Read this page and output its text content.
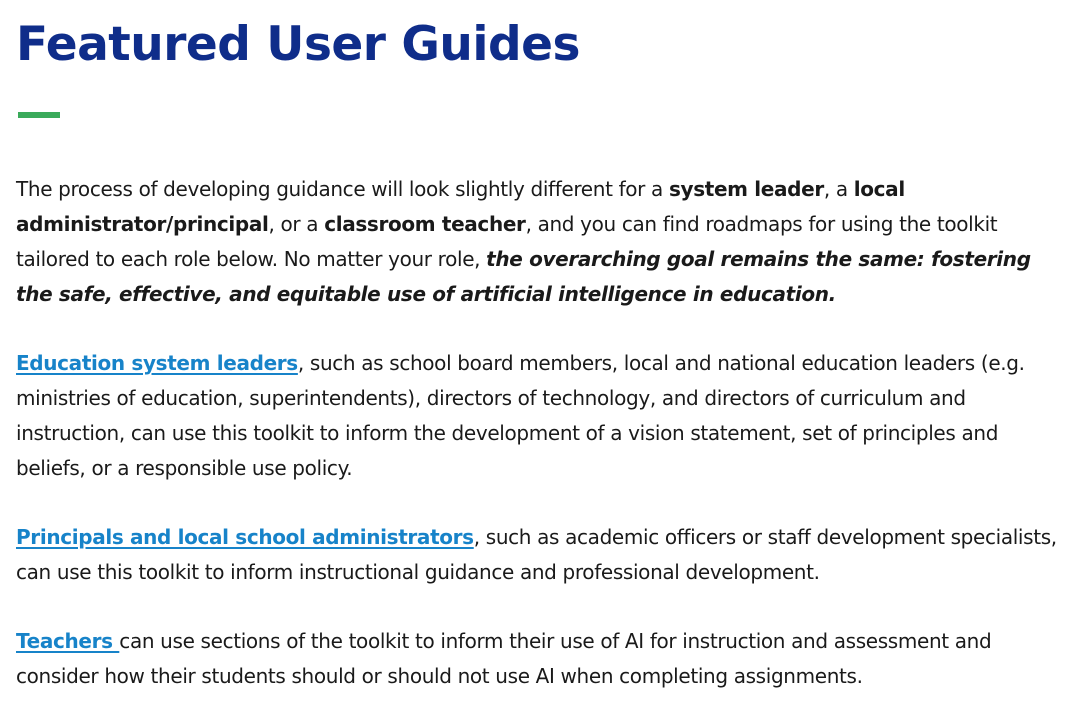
Featured User Guides

The process of developing guidance will look slightly different for a system leader, a local administrator/principal, or a classroom teacher, and you can find roadmaps for using the toolkit tailored to each role below. No matter your role, the overarching goal remains the same: fostering the safe, effective, and equitable use of artificial intelligence in education.

Education system leaders, such as school board members, local and national education leaders (e.g. ministries of education, superintendents), directors of technology, and directors of curriculum and instruction, can use this toolkit to inform the development of a vision statement, set of principles and beliefs, or a responsible use policy.

Principals and local school administrators, such as academic officers or staff development specialists, can use this toolkit to inform instructional guidance and professional development.

Teachers can use sections of the toolkit to inform their use of AI for instruction and assessment and consider how their students should or should not use AI when completing assignments.
